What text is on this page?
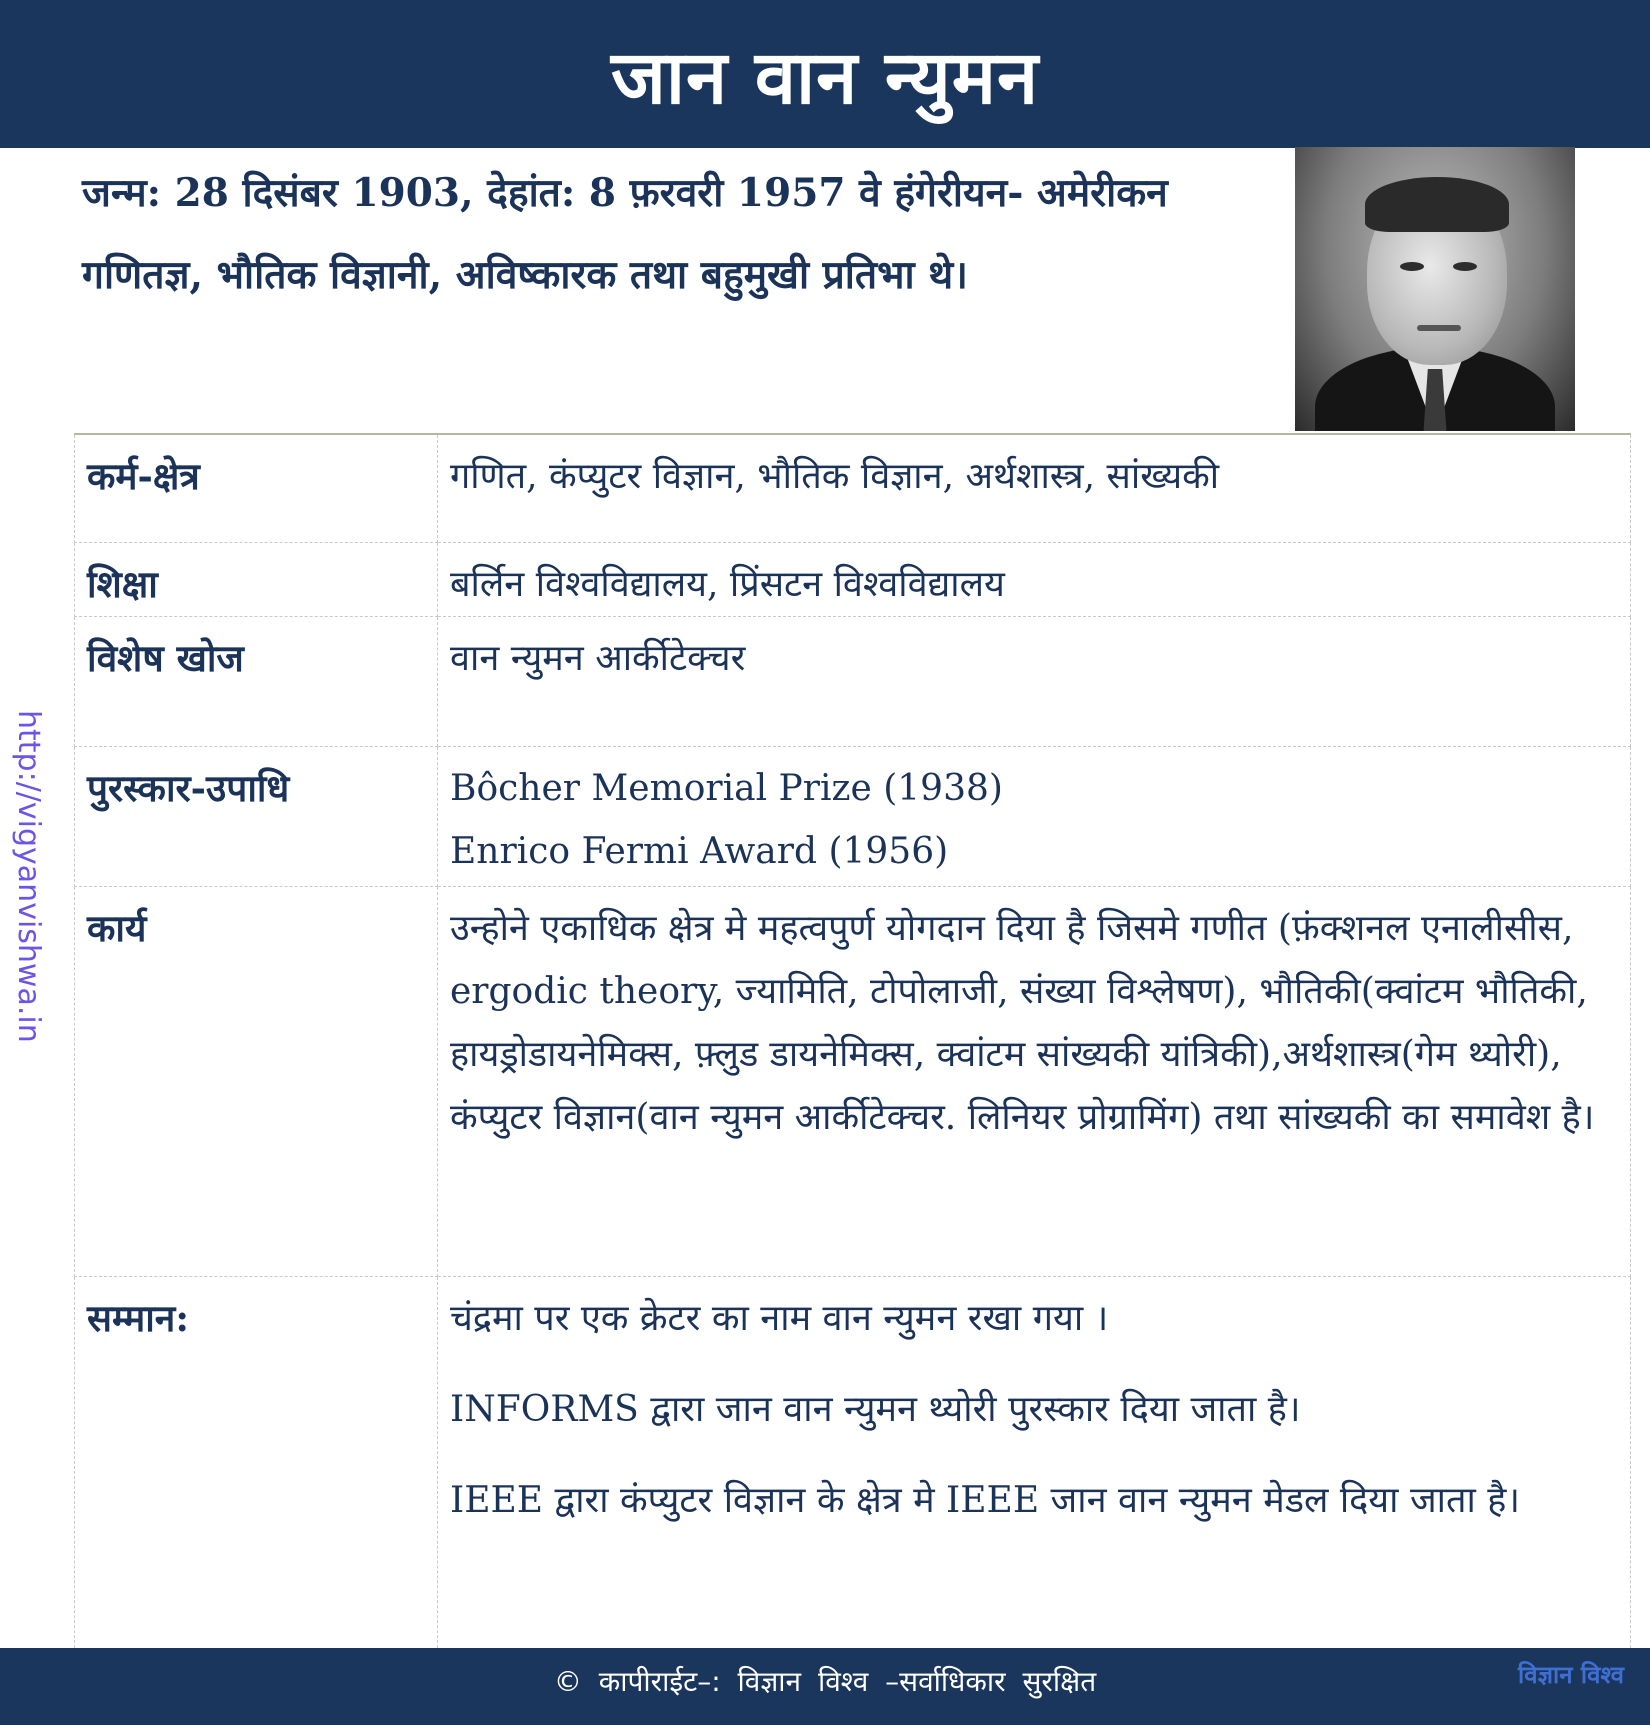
जान वान न्युमन
जन्म: 28 दिसंबर 1903, देहांत: 8 फ़रवरी 1957 वे हंगेरीयन- अमेरीकन गणितज्ञ, भौतिक विज्ञानी, अविष्कारक तथा बहुमुखी प्रतिभा थे।
कर्म-क्षेत्र	गणित, कंप्युटर विज्ञान, भौतिक विज्ञान, अर्थशास्त्र, सांख्यकी
शिक्षा	बर्लिन विश्वविद्यालय, प्रिंसटन विश्वविद्यालय
विशेष खोज	वान न्युमन आर्कीटेक्चर
पुरस्कार-उपाधि	Bôcher Memorial Prize (1938)

Enrico Fermi Award (1956)

कार्य	उन्होने एकाधिक क्षेत्र मे महत्वपुर्ण योगदान दिया है जिसमे गणीत (फ़ंक्शनल एनालीसीस, ergodic theory, ज्यामिति, टोपोलाजी, संख्या विश्लेषण), भौतिकी(क्वांटम भौतिकी, हायड्रोडायनेमिक्स, फ़्लुड डायनेमिक्स, क्वांटम सांख्यकी यांत्रिकी),अर्थशास्त्र(गेम थ्योरी), कंप्युटर विज्ञान(वान न्युमन आर्कीटेक्चर. लिनियर प्रोग्रामिंग) तथा सांख्यकी का समावेश है।
सम्मान:	चंद्रमा पर एक क्रेटर का नाम वान न्युमन रखा गया ।

INFORMS द्वारा जान वान न्युमन थ्योरी पुरस्कार दिया जाता है।

IEEE द्वारा कंप्युटर विज्ञान के क्षेत्र मे IEEE जान वान न्युमन मेडल दिया जाता है।

http://vigyanvishwa.in
© कापीराईट–: विज्ञान विश्व –सर्वाधिकार सुरक्षित	विज्ञान विश्व
